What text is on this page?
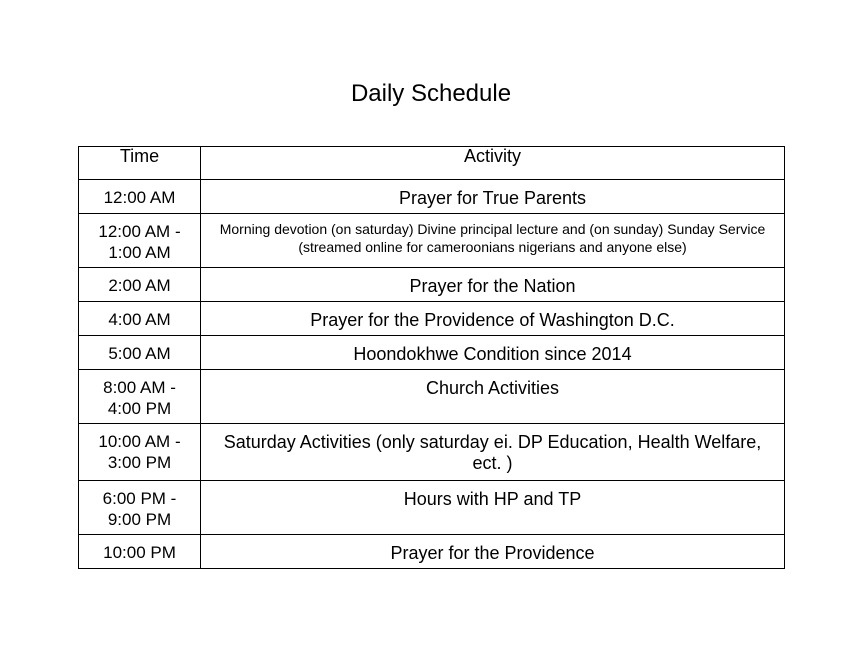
Daily Schedule
Time	Activity
12:00 AM	Prayer for True Parents
12:00 AM - 1:00 AM	Morning devotion (on saturday) Divine principal lecture and (on sunday) Sunday Service (streamed online for cameroonians nigerians and anyone else)
2:00 AM	Prayer for the Nation
4:00 AM	Prayer for the Providence of Washington D.C.
5:00 AM	Hoondokhwe Condition since 2014
8:00 AM - 4:00 PM	Church Activities
10:00 AM - 3:00 PM	Saturday Activities (only saturday ei. DP Education, Health Welfare, ect. )
6:00 PM - 9:00 PM	Hours with HP and TP
10:00 PM	Prayer for the Providence
